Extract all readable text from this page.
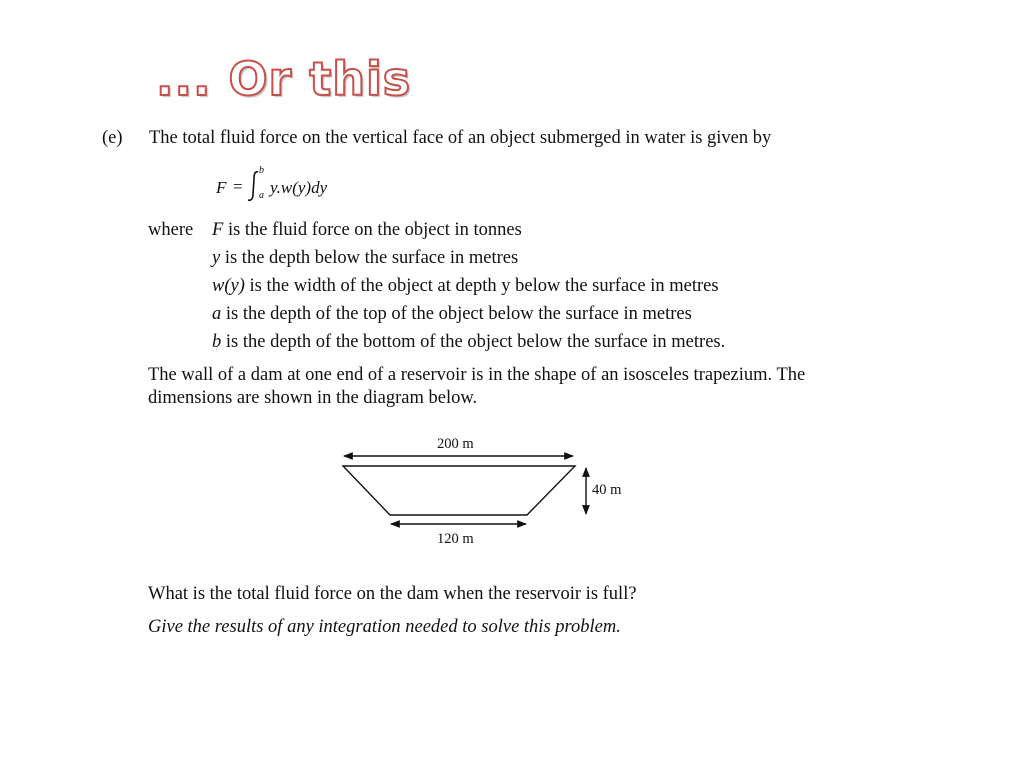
... Or this
(e) The total fluid force on the vertical face of an object submerged in water is given by
F =
b
a y.w(y)dy
where F is the fluid force on the object in tonnes
y is the depth below the surface in metres
w(y) is the width of the object at depth y below the surface in metres
a is the depth of the top of the object below the surface in metres
b is the depth of the bottom of the object below the surface in metres.
The wall of a dam at one end of a reservoir is in the shape of an isosceles trapezium. The
dimensions are shown in the diagram below.
200 m
40 m
120 m
What is the total fluid force on the dam when the reservoir is full?
Give the results of any integration needed to solve this problem.
